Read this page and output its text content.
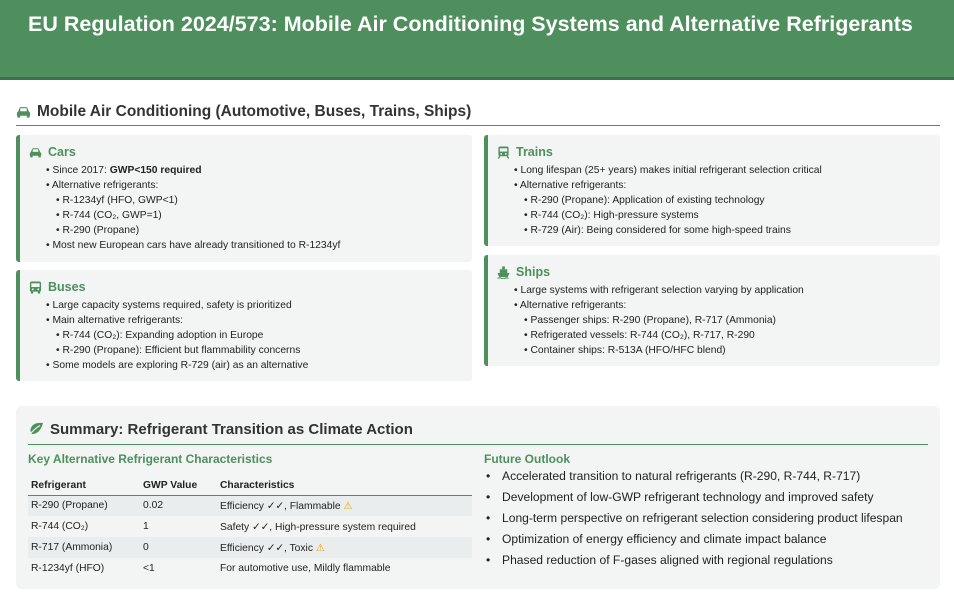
EU Regulation 2024/573: Mobile Air Conditioning Systems and Alternative Refrigerants
Mobile Air Conditioning (Automotive, Buses, Trains, Ships)
Cars
• Since 2017: GWP<150 required
• Alternative refrigerants:
• R-1234yf (HFO, GWP<1)
• R-744 (CO₂, GWP=1)
• R-290 (Propane)
• Most new European cars have already transitioned to R-1234yf
Buses
• Large capacity systems required, safety is prioritized
• Main alternative refrigerants:
• R-744 (CO₂): Expanding adoption in Europe
• R-290 (Propane): Efficient but flammability concerns
• Some models are exploring R-729 (air) as an alternative
Trains
• Long lifespan (25+ years) makes initial refrigerant selection critical
• Alternative refrigerants:
• R-290 (Propane): Application of existing technology
• R-744 (CO₂): High-pressure systems
• R-729 (Air): Being considered for some high-speed trains
Ships
• Large systems with refrigerant selection varying by application
• Alternative refrigerants:
• Passenger ships: R-290 (Propane), R-717 (Ammonia)
• Refrigerated vessels: R-744 (CO₂), R-717, R-290
• Container ships: R-513A (HFO/HFC blend)
Summary: Refrigerant Transition as Climate Action
Key Alternative Refrigerant Characteristics
Refrigerant	GWP Value	Characteristics
R-290 (Propane)	0.02	Efficiency ✓✓, Flammable ⚠
R-744 (CO₂)	1	Safety ✓✓, High-pressure system required
R-717 (Ammonia)	0	Efficiency ✓✓, Toxic ⚠
R-1234yf (HFO)	<1	For automotive use, Mildly flammable
Future Outlook
• Accelerated transition to natural refrigerants (R-290, R-744, R-717)
• Development of low-GWP refrigerant technology and improved safety
• Long-term perspective on refrigerant selection considering product lifespan
• Optimization of energy efficiency and climate impact balance
• Phased reduction of F-gases aligned with regional regulations
